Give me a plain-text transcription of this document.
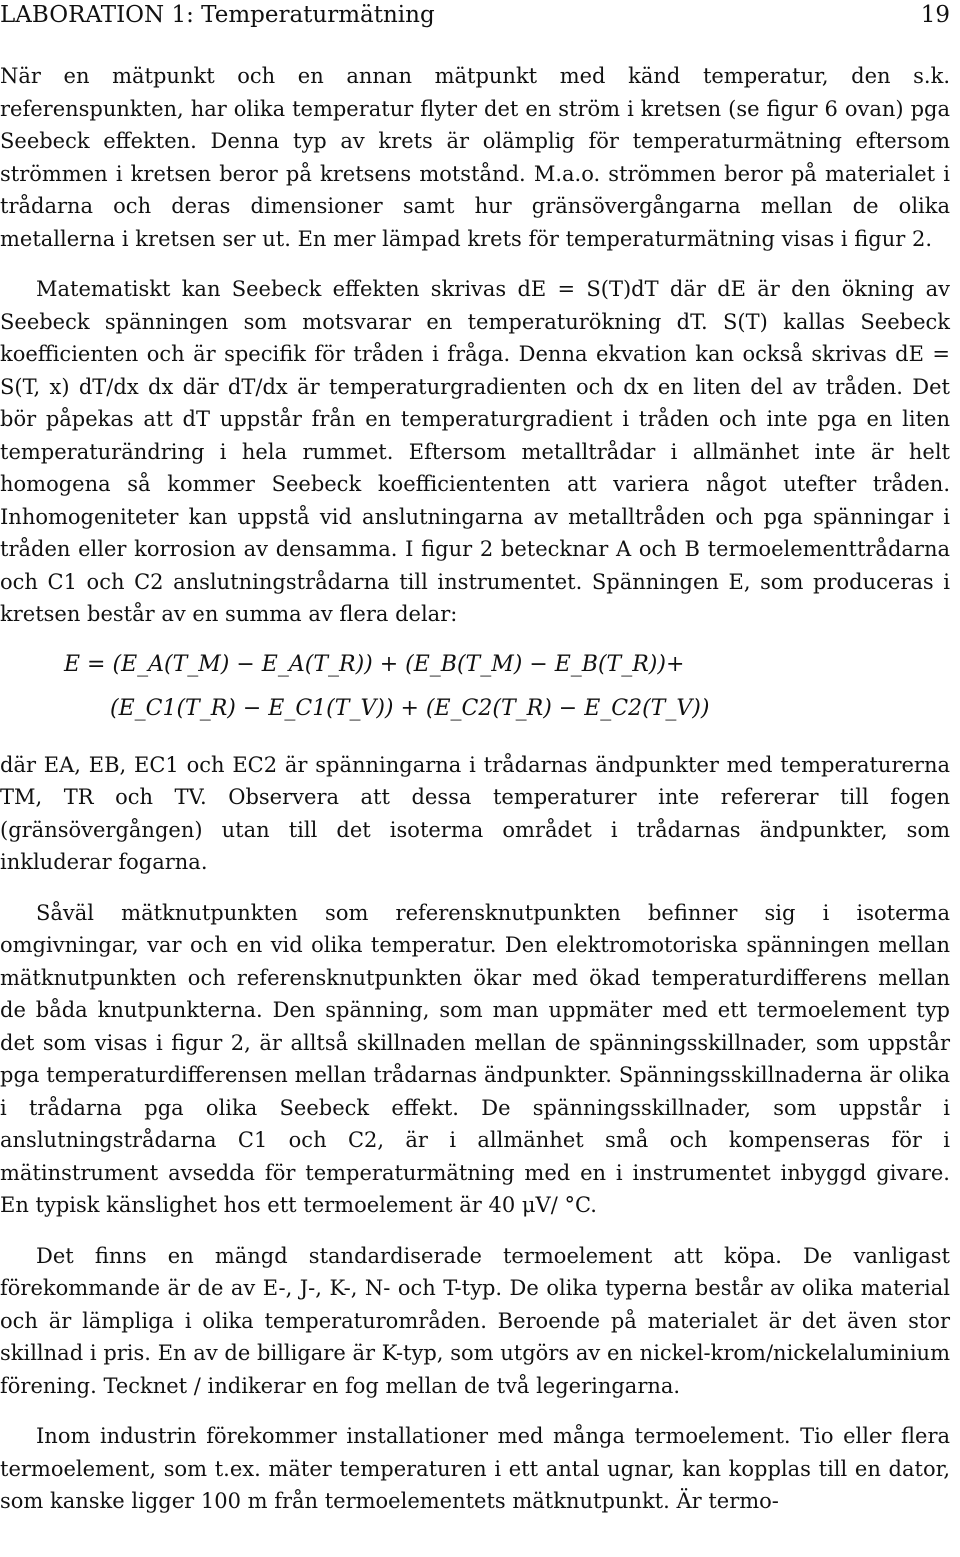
LABORATION 1: Temperaturmätning	19

När en mätpunkt och en annan mätpunkt med känd temperatur, den s.k. referenspunkten, har olika temperatur flyter det en ström i kretsen (se figur 6 ovan) pga Seebeck effekten. Denna typ av krets är olämplig för temperaturmätning eftersom strömmen i kretsen beror på kretsens motstånd. M.a.o. strömmen beror på materialet i trådarna och deras dimensioner samt hur gränsövergångarna mellan de olika metallerna i kretsen ser ut. En mer lämpad krets för temperaturmätning visas i figur 2.

Matematiskt kan Seebeck effekten skrivas dE = S(T)dT där dE är den ökning av Seebeck spänningen som motsvarar en temperaturökning dT. S(T) kallas Seebeck koefficienten och är specifik för tråden i fråga. Denna ekvation kan också skrivas dE = S(T, x) dT/dx dx där dT/dx är temperaturgradienten och dx en liten del av tråden. Det bör påpekas att dT uppstår från en temperaturgradient i tråden och inte pga en liten temperaturändring i hela rummet. Eftersom metalltrådar i allmänhet inte är helt homogena så kommer Seebeck koefficiententen att variera något utefter tråden. Inhomogeniteter kan uppstå vid anslutningarna av metalltråden och pga spänningar i tråden eller korrosion av densamma. I figur 2 betecknar A och B termoelementtrådarna och C1 och C2 anslutningstrådarna till instrumentet. Spänningen E, som produceras i kretsen består av en summa av flera delar:

E = (E_A(T_M) − E_A(T_R)) + (E_B(T_M) − E_B(T_R))+
(E_C1(T_R) − E_C1(T_V)) + (E_C2(T_R) − E_C2(T_V))

där EA, EB, EC1 och EC2 är spänningarna i trådarnas ändpunkter med temperaturerna TM, TR och TV. Observera att dessa temperaturer inte refererar till fogen (gränsövergången) utan till det isoterma området i trådarnas ändpunkter, som inkluderar fogarna.

Såväl mätknutpunkten som referensknutpunkten befinner sig i isoterma omgivningar, var och en vid olika temperatur. Den elektromotoriska spänningen mellan mätknutpunkten och referensknutpunkten ökar med ökad temperaturdifferens mellan de båda knutpunkterna. Den spänning, som man uppmäter med ett termoelement typ det som visas i figur 2, är alltså skillnaden mellan de spänningsskillnader, som uppstår pga temperaturdifferensen mellan trådarnas ändpunkter. Spänningsskillnaderna är olika i trådarna pga olika Seebeck effekt. De spänningsskillnader, som uppstår i anslutningstrådarna C1 och C2, är i allmänhet små och kompenseras för i mätinstrument avsedda för temperaturmätning med en i instrumentet inbyggd givare. En typisk känslighet hos ett termoelement är 40 μV/ °C.

Det finns en mängd standardiserade termoelement att köpa. De vanligast förekommande är de av E-, J-, K-, N- och T-typ. De olika typerna består av olika material och är lämpliga i olika temperaturområden. Beroende på materialet är det även stor skillnad i pris. En av de billigare är K-typ, som utgörs av en nickel-krom/nickelaluminium förening. Tecknet / indikerar en fog mellan de två legeringarna.

Inom industrin förekommer installationer med många termoelement. Tio eller flera termoelement, som t.ex. mäter temperaturen i ett antal ugnar, kan kopplas till en dator, som kanske ligger 100 m från termoelementets mätknutpunkt. Är termo-
